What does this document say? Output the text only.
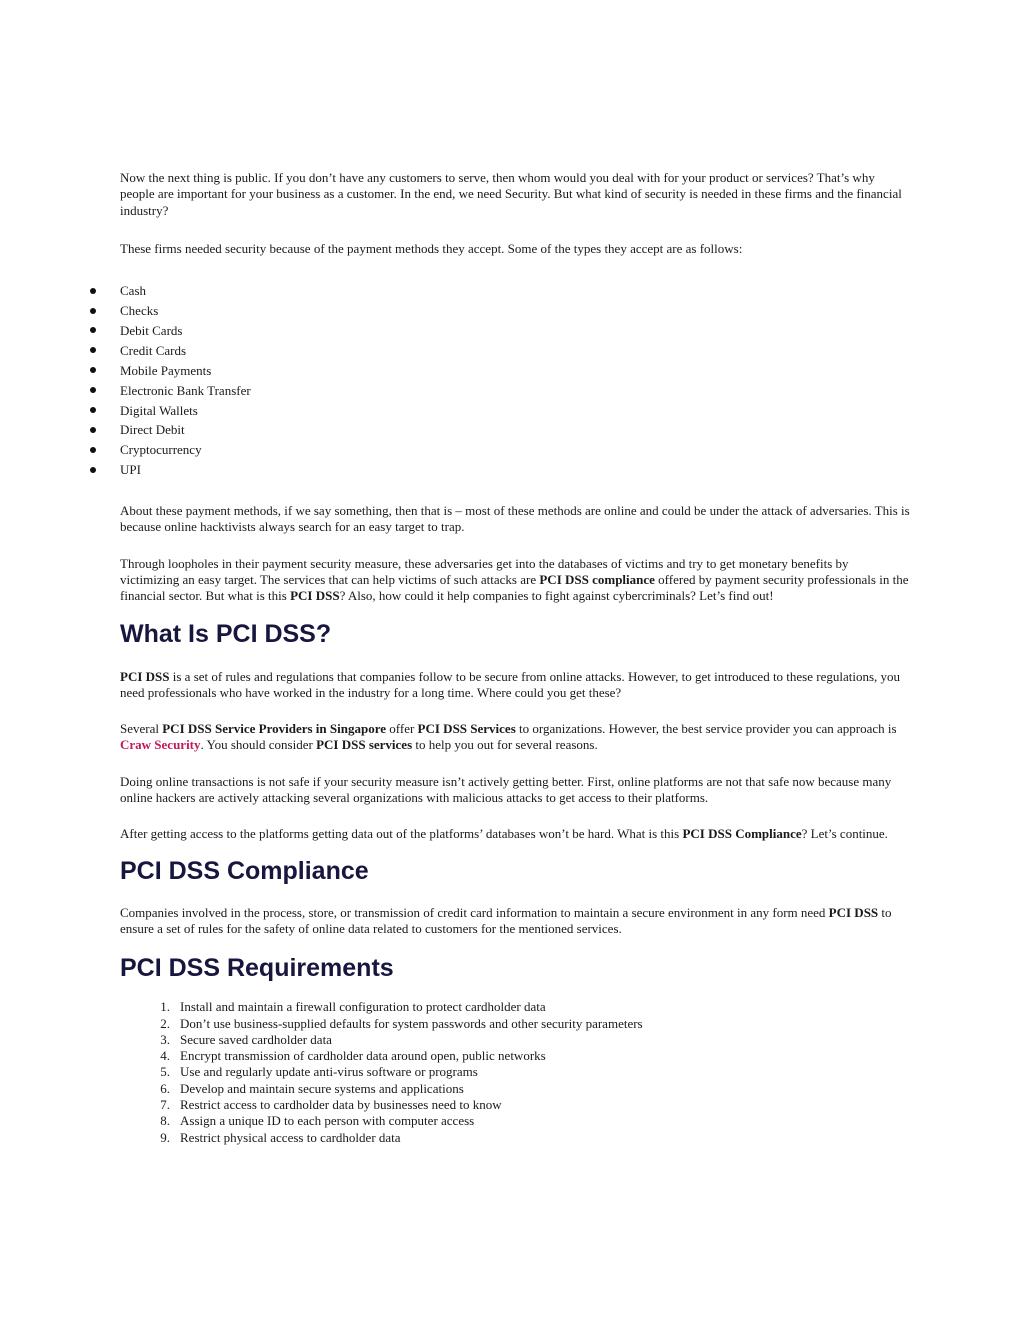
Now the next thing is public. If you don’t have any customers to serve, then whom would you deal with for your product or services? That’s why people are important for your business as a customer. In the end, we need Security. But what kind of security is needed in these firms and the financial industry?

These firms needed security because of the payment methods they accept. Some of the types they accept are as follows:

Cash
Checks
Debit Cards
Credit Cards
Mobile Payments
Electronic Bank Transfer
Digital Wallets
Direct Debit
Cryptocurrency
UPI

About these payment methods, if we say something, then that is – most of these methods are online and could be under the attack of adversaries. This is because online hacktivists always search for an easy target to trap.

Through loopholes in their payment security measure, these adversaries get into the databases of victims and try to get monetary benefits by victimizing an easy target. The services that can help victims of such attacks are PCI DSS compliance offered by payment security professionals in the financial sector. But what is this PCI DSS? Also, how could it help companies to fight against cybercriminals? Let’s find out!

What Is PCI DSS?

PCI DSS is a set of rules and regulations that companies follow to be secure from online attacks. However, to get introduced to these regulations, you need professionals who have worked in the industry for a long time. Where could you get these?

Several PCI DSS Service Providers in Singapore offer PCI DSS Services to organizations. However, the best service provider you can approach is Craw Security. You should consider PCI DSS services to help you out for several reasons.

Doing online transactions is not safe if your security measure isn’t actively getting better. First, online platforms are not that safe now because many online hackers are actively attacking several organizations with malicious attacks to get access to their platforms.

After getting access to the platforms getting data out of the platforms’ databases won’t be hard. What is this PCI DSS Compliance? Let’s continue.

PCI DSS Compliance

Companies involved in the process, store, or transmission of credit card information to maintain a secure environment in any form need PCI DSS to ensure a set of rules for the safety of online data related to customers for the mentioned services.

PCI DSS Requirements
1. Install and maintain a firewall configuration to protect cardholder data
2. Don’t use business-supplied defaults for system passwords and other security parameters
3. Secure saved cardholder data
4. Encrypt transmission of cardholder data around open, public networks
5. Use and regularly update anti-virus software or programs
6. Develop and maintain secure systems and applications
7. Restrict access to cardholder data by businesses need to know
8. Assign a unique ID to each person with computer access
9. Restrict physical access to cardholder data
